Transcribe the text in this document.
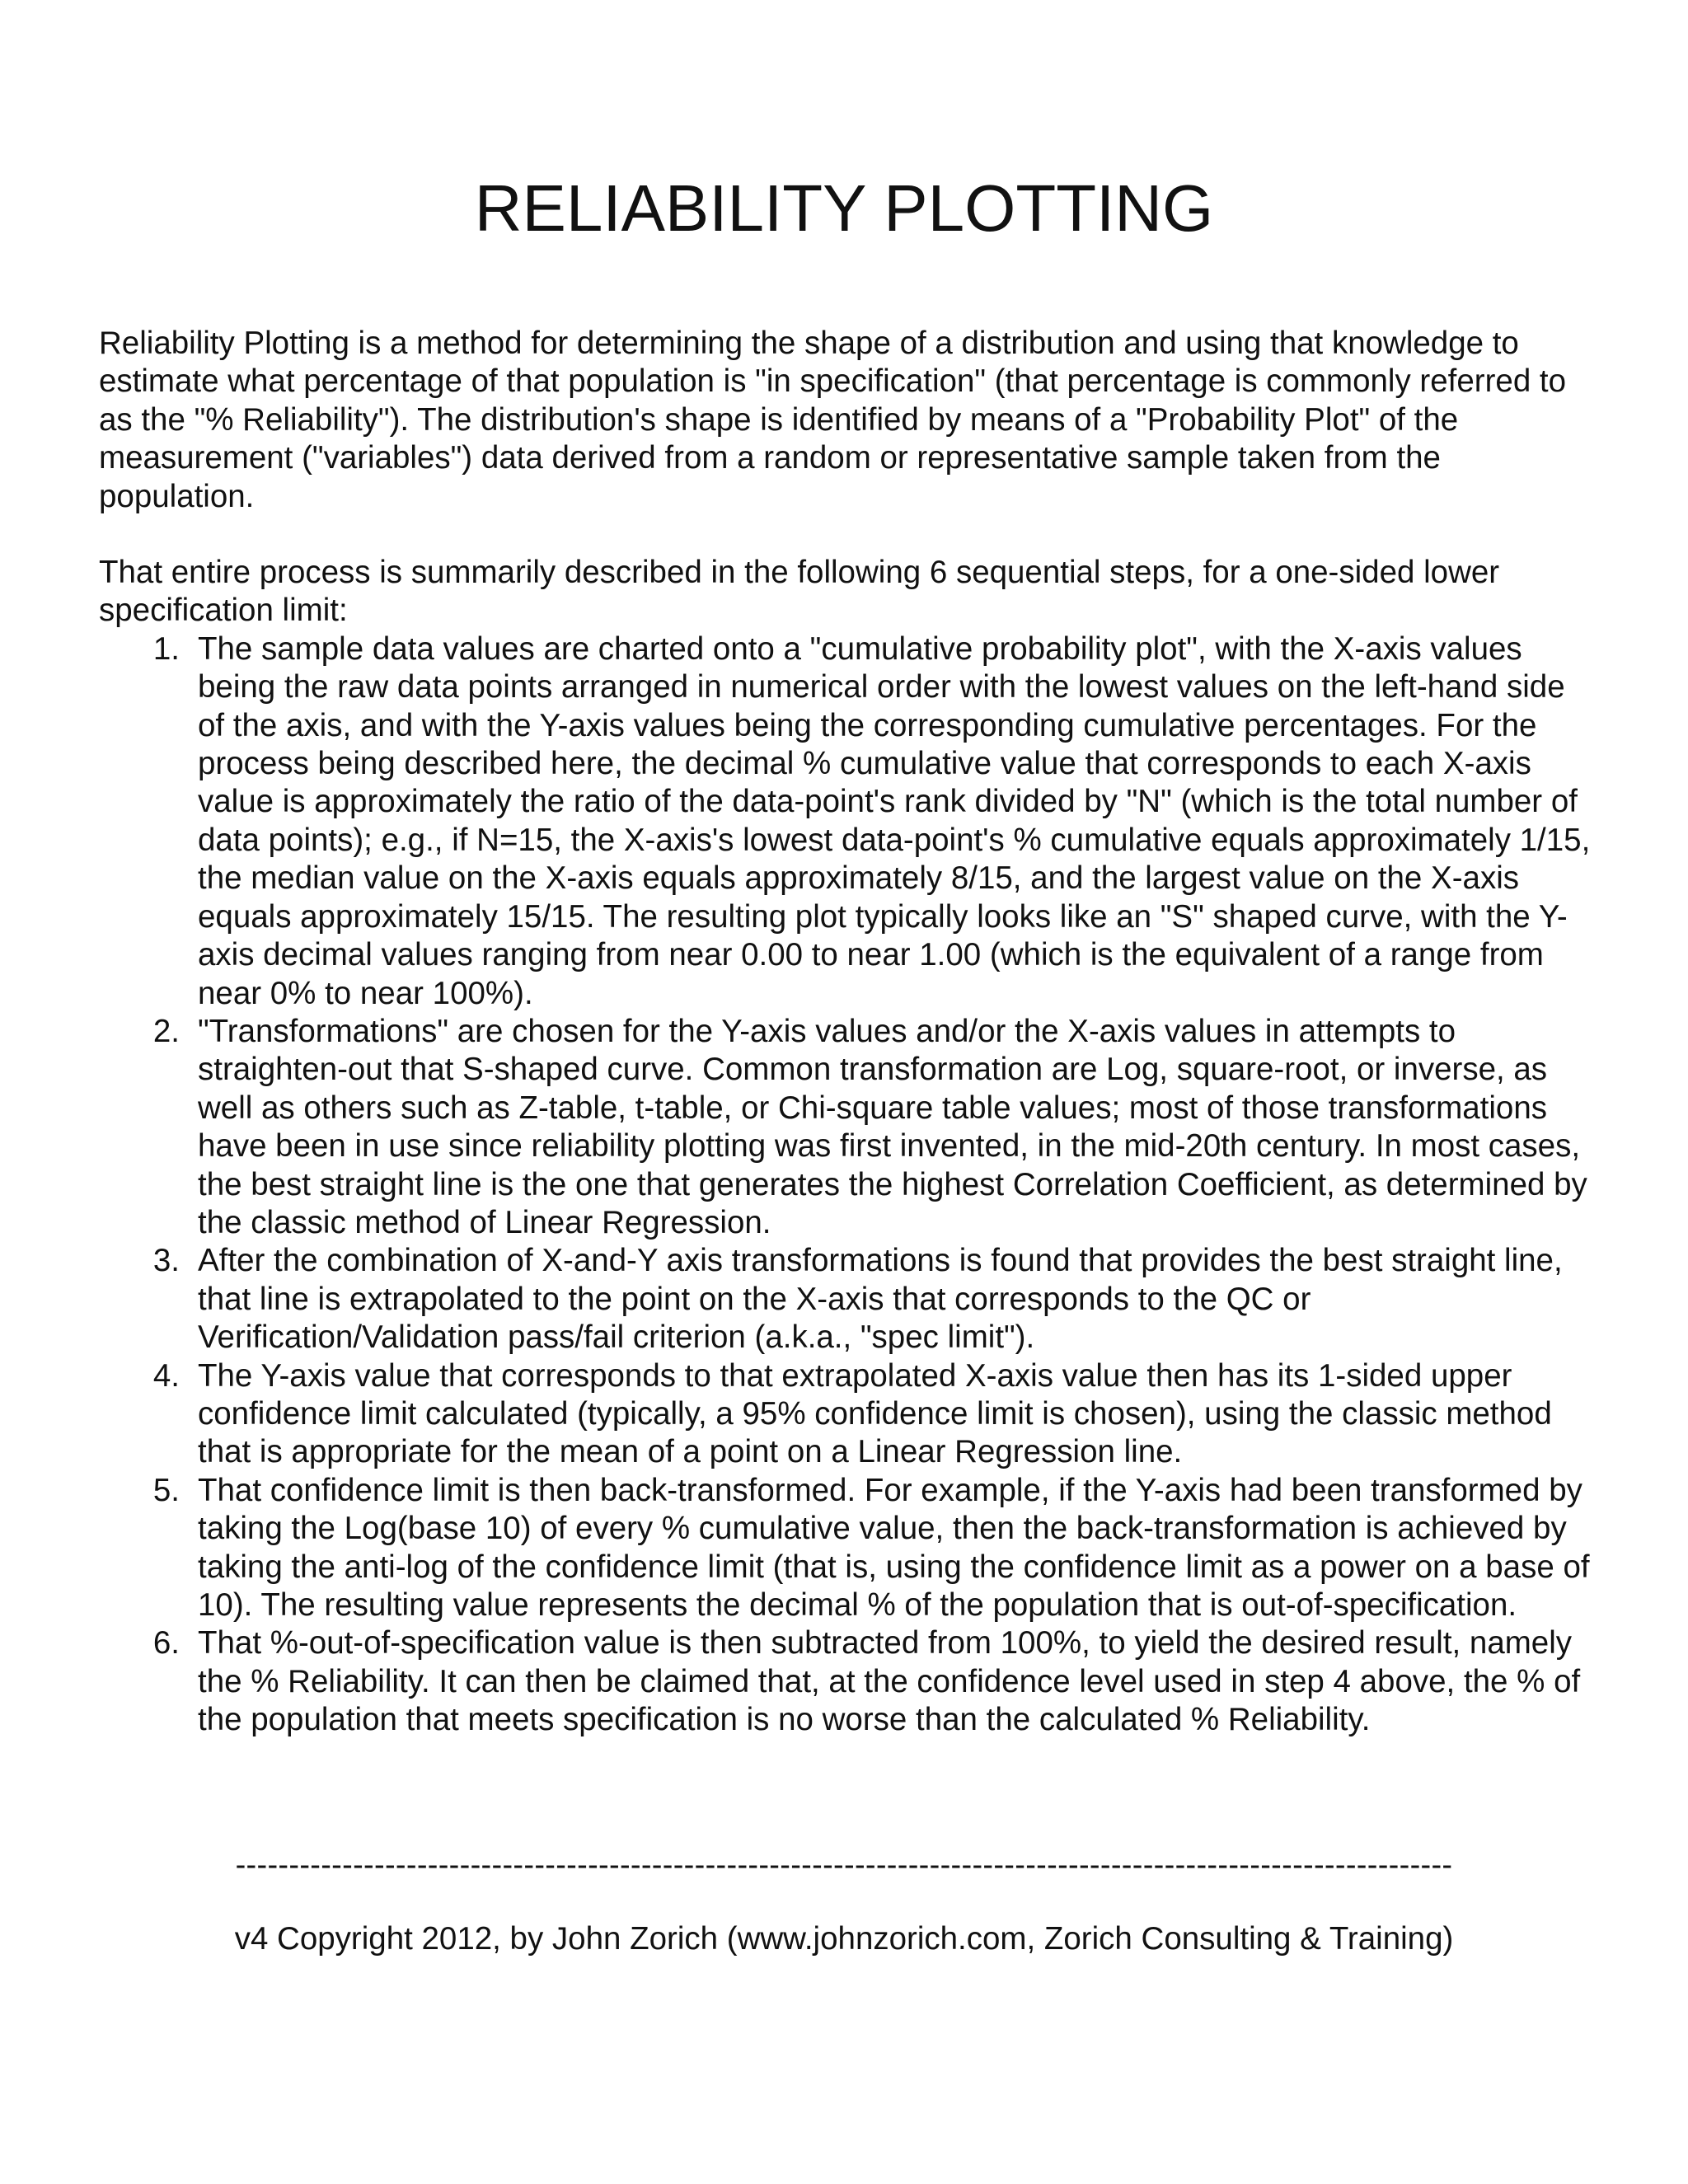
RELIABILITY PLOTTING

Reliability Plotting is a method for determining the shape of a distribution and using that knowledge to estimate what percentage of that population is "in specification" (that percentage is commonly referred to as the "% Reliability"). The distribution's shape is identified by means of a "Probability Plot" of the measurement ("variables") data derived from a random or representative sample taken from the population.

That entire process is summarily described in the following 6 sequential steps, for a one-sided lower specification limit:

1. The sample data values are charted onto a "cumulative probability plot", with the X-axis values being the raw data points arranged in numerical order with the lowest values on the left-hand side of the axis, and with the Y-axis values being the corresponding cumulative percentages. For the process being described here, the decimal % cumulative value that corresponds to each X-axis value is approximately the ratio of the data-point's rank divided by "N" (which is the total number of data points); e.g., if N=15, the X-axis's lowest data-point's % cumulative equals approximately 1/15, the median value on the X-axis equals approximately 8/15, and the largest value on the X-axis equals approximately 15/15. The resulting plot typically looks like an "S" shaped curve, with the Y-axis decimal values ranging from near 0.00 to near 1.00 (which is the equivalent of a range from near 0% to near 100%).
2. "Transformations" are chosen for the Y-axis values and/or the X-axis values in attempts to straighten-out that S-shaped curve. Common transformation are Log, square-root, or inverse, as well as others such as Z-table, t-table, or Chi-square table values; most of those transformations have been in use since reliability plotting was first invented, in the mid-20th century. In most cases, the best straight line is the one that generates the highest Correlation Coefficient, as determined by the classic method of Linear Regression.
3. After the combination of X-and-Y axis transformations is found that provides the best straight line, that line is extrapolated to the point on the X-axis that corresponds to the QC or Verification/Validation pass/fail criterion (a.k.a., "spec limit").
4. The Y-axis value that corresponds to that extrapolated X-axis value then has its 1-sided upper confidence limit calculated (typically, a 95% confidence limit is chosen), using the classic method that is appropriate for the mean of a point on a Linear Regression line.
5. That confidence limit is then back-transformed. For example, if the Y-axis had been transformed by taking the Log(base 10) of every % cumulative value, then the back-transformation is achieved by taking the anti-log of the confidence limit (that is, using the confidence limit as a power on a base of 10). The resulting value represents the decimal % of the population that is out-of-specification.
6. That %-out-of-specification value is then subtracted from 100%, to yield the desired result, namely the % Reliability. It can then be claimed that, at the confidence level used in step 4 above, the % of the population that meets specification is no worse than the calculated % Reliability.
------------------------------------------------------------------------------------------------------------------
v4 Copyright 2012, by John Zorich (www.johnzorich.com, Zorich Consulting & Training)
